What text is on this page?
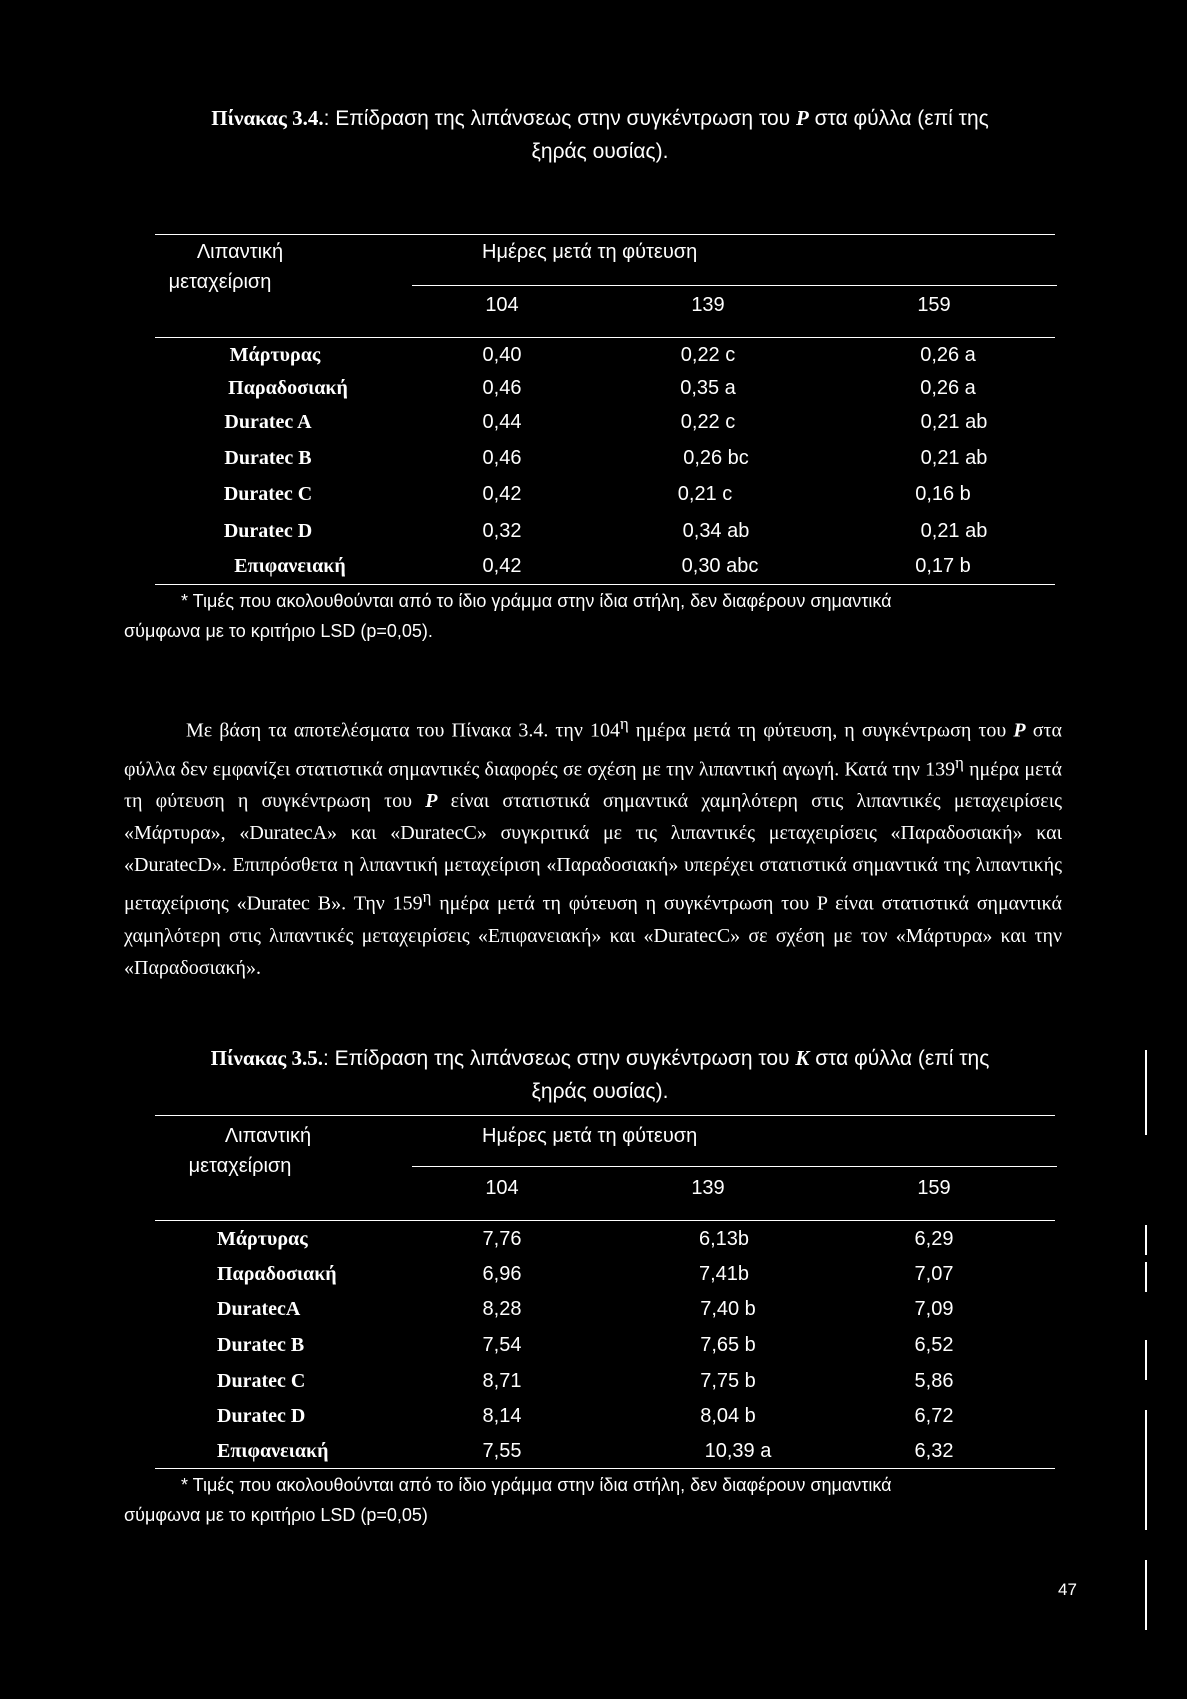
Πίνακας 3.4.: Επίδραση της λιπάνσεως στην συγκέντρωση του P στα φύλλα (επί της
ξηράς ουσίας).
Λιπαντική
μεταχείριση
Ημέρες μετά τη φύτευση
104	139	159
Μάρτυρας	0,40	0,22 c	0,26 a
Παραδοσιακή	0,46	0,35 a	0,26 a
Duratec A	0,44	0,22 c	0,21 ab
Duratec B	0,46	0,26 bc	0,21 ab
Duratec C	0,42	0,21 c	0,16 b
Duratec D	0,32	0,34 ab	0,21 ab
Επιφανειακή	0,42	0,30 abc	0,17 b
* Τιμές που ακολουθούνται από το ίδιο γράμμα στην ίδια στήλη, δεν διαφέρουν σημαντικά
σύμφωνα με το κριτήριο LSD (p=0,05).
Με βάση τα αποτελέσματα του Πίνακα 3.4. την $104^\eta$ ημέρα μετά τη φύτευση, η συγκέντρωση του P στα φύλλα δεν εμφανίζει στατιστικά σημαντικές διαφορές σε σχέση με την λιπαντική αγωγή. Κατά την $139^\eta$ ημέρα μετά τη φύτευση η συγκέντρωση του P είναι στατιστικά σημαντικά χαμηλότερη στις λιπαντικές μεταχειρίσεις «Μάρτυρα», «DuratecA» και «DuratecC» συγκριτικά με τις λιπαντικές μεταχειρίσεις «Παραδοσιακή» και «DuratecD». Επιπρόσθετα η λιπαντική μεταχείριση «Παραδοσιακή» υπερέχει στατιστικά σημαντικά της λιπαντικής μεταχείρισης «Duratec B». Την $159^\eta$ ημέρα μετά τη φύτευση η συγκέντρωση του P είναι στατιστικά σημαντικά χαμηλότερη στις λιπαντικές μεταχειρίσεις «Επιφανειακή» και «DuratecC» σε σχέση με τον «Μάρτυρα» και την «Παραδοσιακή».
Πίνακας 3.5.: Επίδραση της λιπάνσεως στην συγκέντρωση του K στα φύλλα (επί της
ξηράς ουσίας).
Λιπαντική
μεταχείριση
Ημέρες μετά τη φύτευση
104	139	159
Μάρτυρας	7,76	6,13b	6,29
Παραδοσιακή	6,96	7,41b	7,07
DuratecA	8,28	7,40 b	7,09
Duratec B	7,54	7,65 b	6,52
Duratec C	8,71	7,75 b	5,86
Duratec D	8,14	8,04 b	6,72
Επιφανειακή	7,55	10,39 a	6,32
* Τιμές που ακολουθούνται από το ίδιο γράμμα στην ίδια στήλη, δεν διαφέρουν σημαντικά
σύμφωνα με το κριτήριο LSD (p=0,05)
47
